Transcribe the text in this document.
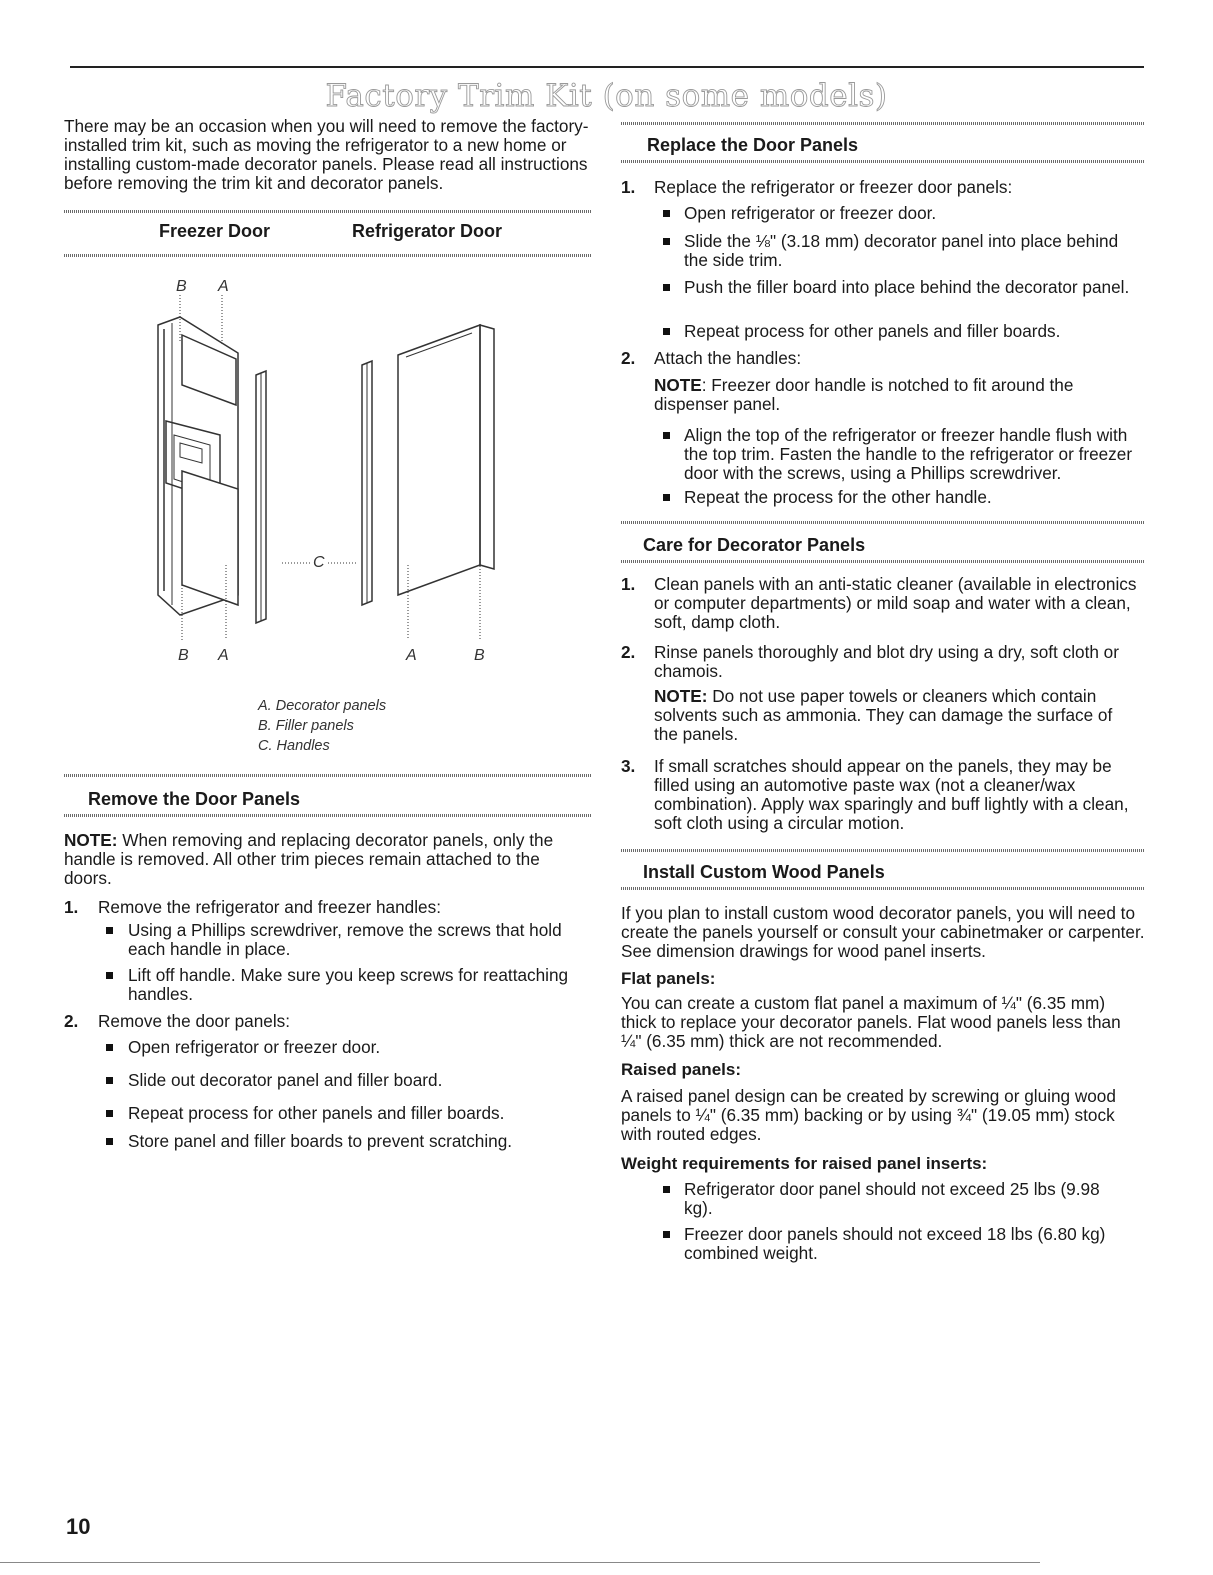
Factory Trim Kit (on some models)

There may be an occasion when you will need to remove the factory-installed trim kit, such as moving the refrigerator to a new home or installing custom-made decorator panels. Please read all instructions before removing the trim kit and decorator panels.

Freezer Door	Refrigerator Door
B A
C
B A	A	B
A. Decorator panels
B. Filler panels
C. Handles
Remove the Door Panels

NOTE: When removing and replacing decorator panels, only the handle is removed. All other trim pieces remain attached to the doors.

1. Remove the refrigerator and freezer handles:
Using a Phillips screwdriver, remove the screws that hold each handle in place.
Lift off handle. Make sure you keep screws for reattaching handles.
2. Remove the door panels:
Open refrigerator or freezer door.
Slide out decorator panel and filler board.
Repeat process for other panels and filler boards.
Store panel and filler boards to prevent scratching.
Replace the Door Panels
1. Replace the refrigerator or freezer door panels:
Open refrigerator or freezer door.
Slide the ⅛" (3.18 mm) decorator panel into place behind the side trim.
Push the filler board into place behind the decorator panel.
Repeat process for other panels and filler boards.
2. Attach the handles:

NOTE: Freezer door handle is notched to fit around the dispenser panel.

Align the top of the refrigerator or freezer handle flush with the top trim. Fasten the handle to the refrigerator or freezer door with the screws, using a Phillips screwdriver.
Repeat the process for the other handle.
Care for Decorator Panels
1. Clean panels with an anti-static cleaner (available in electronics or computer departments) or mild soap and water with a clean, soft, damp cloth.
2. Rinse panels thoroughly and blot dry using a dry, soft cloth or chamois.

NOTE: Do not use paper towels or cleaners which contain solvents such as ammonia. They can damage the surface of the panels.

3. If small scratches should appear on the panels, they may be filled using an automotive paste wax (not a cleaner/wax combination). Apply wax sparingly and buff lightly with a clean, soft cloth using a circular motion.
Install Custom Wood Panels

If you plan to install custom wood decorator panels, you will need to create the panels yourself or consult your cabinetmaker or carpenter. See dimension drawings for wood panel inserts.

Flat panels:

You can create a custom flat panel a maximum of ¼" (6.35 mm) thick to replace your decorator panels. Flat wood panels less than ¼" (6.35 mm) thick are not recommended.

Raised panels:

A raised panel design can be created by screwing or gluing wood panels to ¼" (6.35 mm) backing or by using ¾" (19.05 mm) stock with routed edges.

Weight requirements for raised panel inserts:

Refrigerator door panel should not exceed 25 lbs (9.98 kg).
Freezer door panels should not exceed 18 lbs (6.80 kg) combined weight.
10
